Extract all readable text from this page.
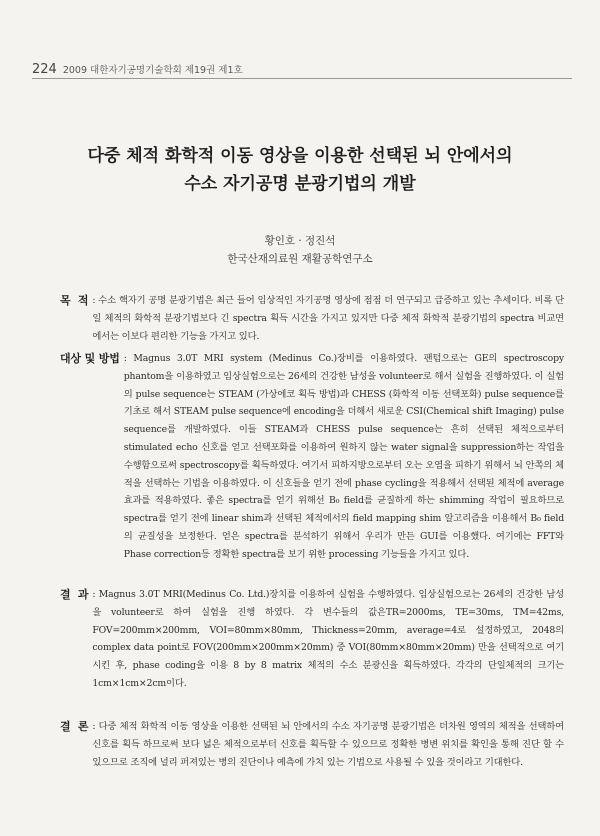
224 2009 대한자기공명기술학회 제19권 제1호
다중 체적 화학적 이동 영상을 이용한 선택된 뇌 안에서의
수소 자기공명 분광기법의 개발
황인호 · 정진석
한국산재의료원 재활공학연구소
목  적 : 수소 핵자기 공명 분광기법은 최근 들어 임상적인 자기공명 영상에 점점 더 연구되고 급증하고 있는 추세이다. 비록 단일 체적의 화학적 분광기법보다 긴 spectra 획득 시간을 가지고 있지만 다중 체적 화학적 분광기법의 spectra 비교면 에서는 이보다 편리한 기능을 가지고 있다.
대상 및 방법 : Magnus 3.0T MRI system (Medinus Co.)장비를 이용하였다. 팬텀으로는 GE의 spectroscopy phantom을 이용하였고 임상실험으로는 26세의 건강한 남성을 volunteer로 해서 실험을 진행하였다. 이 실험의 pulse sequence는 STEAM (가상에코 획득 방법)과 CHESS (화학적 이동 선택포화) pulse sequence를 기초로 해서 STEAM pulse sequence에 encoding을 더해서 새로운 CSI(Chemical shift Imaging) pulse sequence를 개발하였다. 이들 STEAM과 CHESS pulse sequence는 흔히 선택된 체적으로부터 stimulated echo 신호를 얻고 선택포화를 이용하여 원하지 않는 water signal을 suppression하는 작업을 수행함으로써 spectroscopy를 획득하였다. 여기서 피하지방으로부터 오는 오염을 피하기 위해서 뇌 안쪽의 체적을 선택하는 기법을 이용하였다. 이 신호들을 얻기 전에 phase cycling을 적용해서 선택된 체적에 average효과를 적용하였다. 좋은 spectra를 얻기 위해선 B₀ field를 균질하게 하는 shimming 작업이 필요하므로 spectra를 얻기 전에 linear shim과 선택된 체적에서의 field mapping shim 알고리즘을 이용해서 B₀ field의 균질성을 보정한다. 얻은 spectra를 분석하기 위해서 우리가 만든 GUI를 이용했다. 여기에는 FFT와 Phase correction등 정확한 spectra를 보기 위한 processing 기능들을 가지고 있다.
결  과 : Magnus 3.0T MRI(Medinus Co. Ltd.)장치를 이용하여 실험을 수행하였다. 임상실험으로는 26세의 건강한 남성을 volunteer로 하여 실험을 진행 하였다. 각 변수들의 값은TR=2000ms, TE=30ms, TM=42ms, FOV=200mm×200mm, VOI=80mm×80mm, Thickness=20mm, average=4로 설정하였고, 2048의 complex data point로 FOV(200mm×200mm×20mm) 중 VOI(80mm×80mm×20mm) 만을 선택적으로 여기시킨 후, phase coding을 이용 8 by 8 matrix 체적의 수소 분광신을 획득하였다. 각각의 단일체적의 크기는 1cm×1cm×2cm이다.
결  론 : 다중 체적 화학적 이동 영상을 이용한 선택된 뇌 안에서의 수소 자기공명 분광기법은 더차원 영역의 체적을 선택하여 신호를 획득 하므로써 보다 넓은 체적으로부터 신호를 획득할 수 있으므로 정확한 병변 위치를 확인을 통해 진단 할 수 있으므로 조직에 널리 퍼져있는 병의 진단이나 예측에 가치 있는 기법으로 사용될 수 있을 것이라고 기대한다.
